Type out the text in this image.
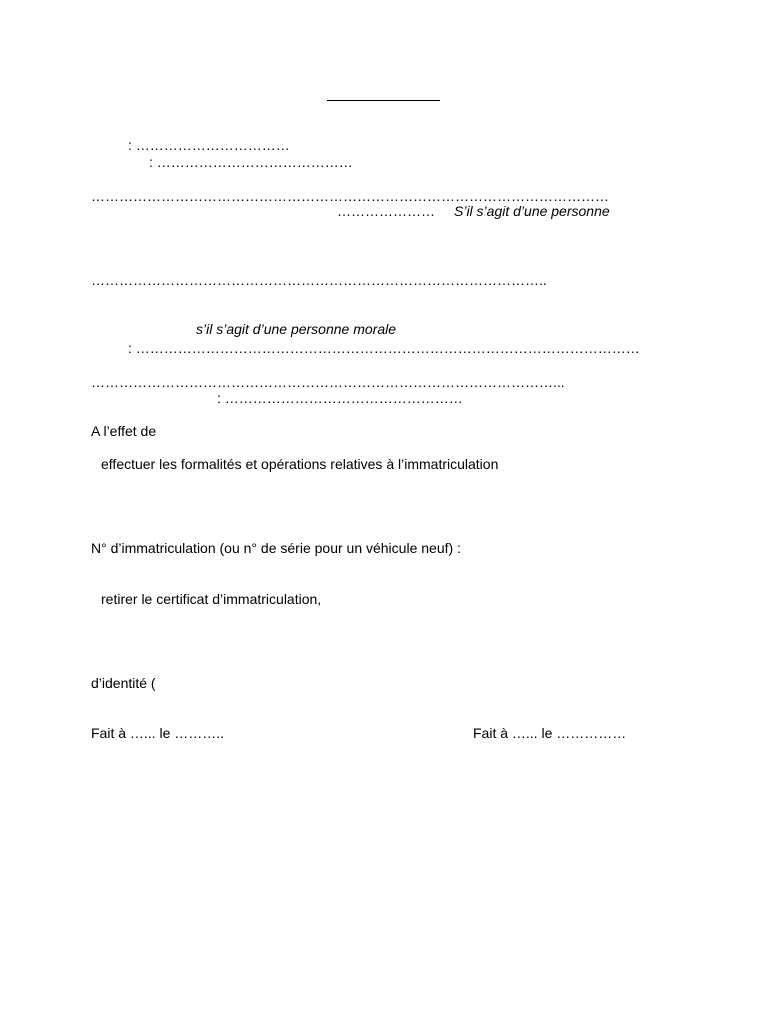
: ……………………………
: ……………………………………
…………………………………………………………………………………………………
………………… S’il s’agit d’une personne
……………………………………………………………………………………..
s’il s’agit d’une personne morale
: ………………………………………………………………………………………………
………………………………………………………………………………………...
: ……………………………………………
A l’effet de
effectuer les formalités et opérations relatives à l’immatriculation
N° d’immatriculation (ou n° de série pour un véhicule neuf) :
retirer le certificat d’immatriculation,
d’identité (
Fait à …... le ………..	Fait à …... le ……………
